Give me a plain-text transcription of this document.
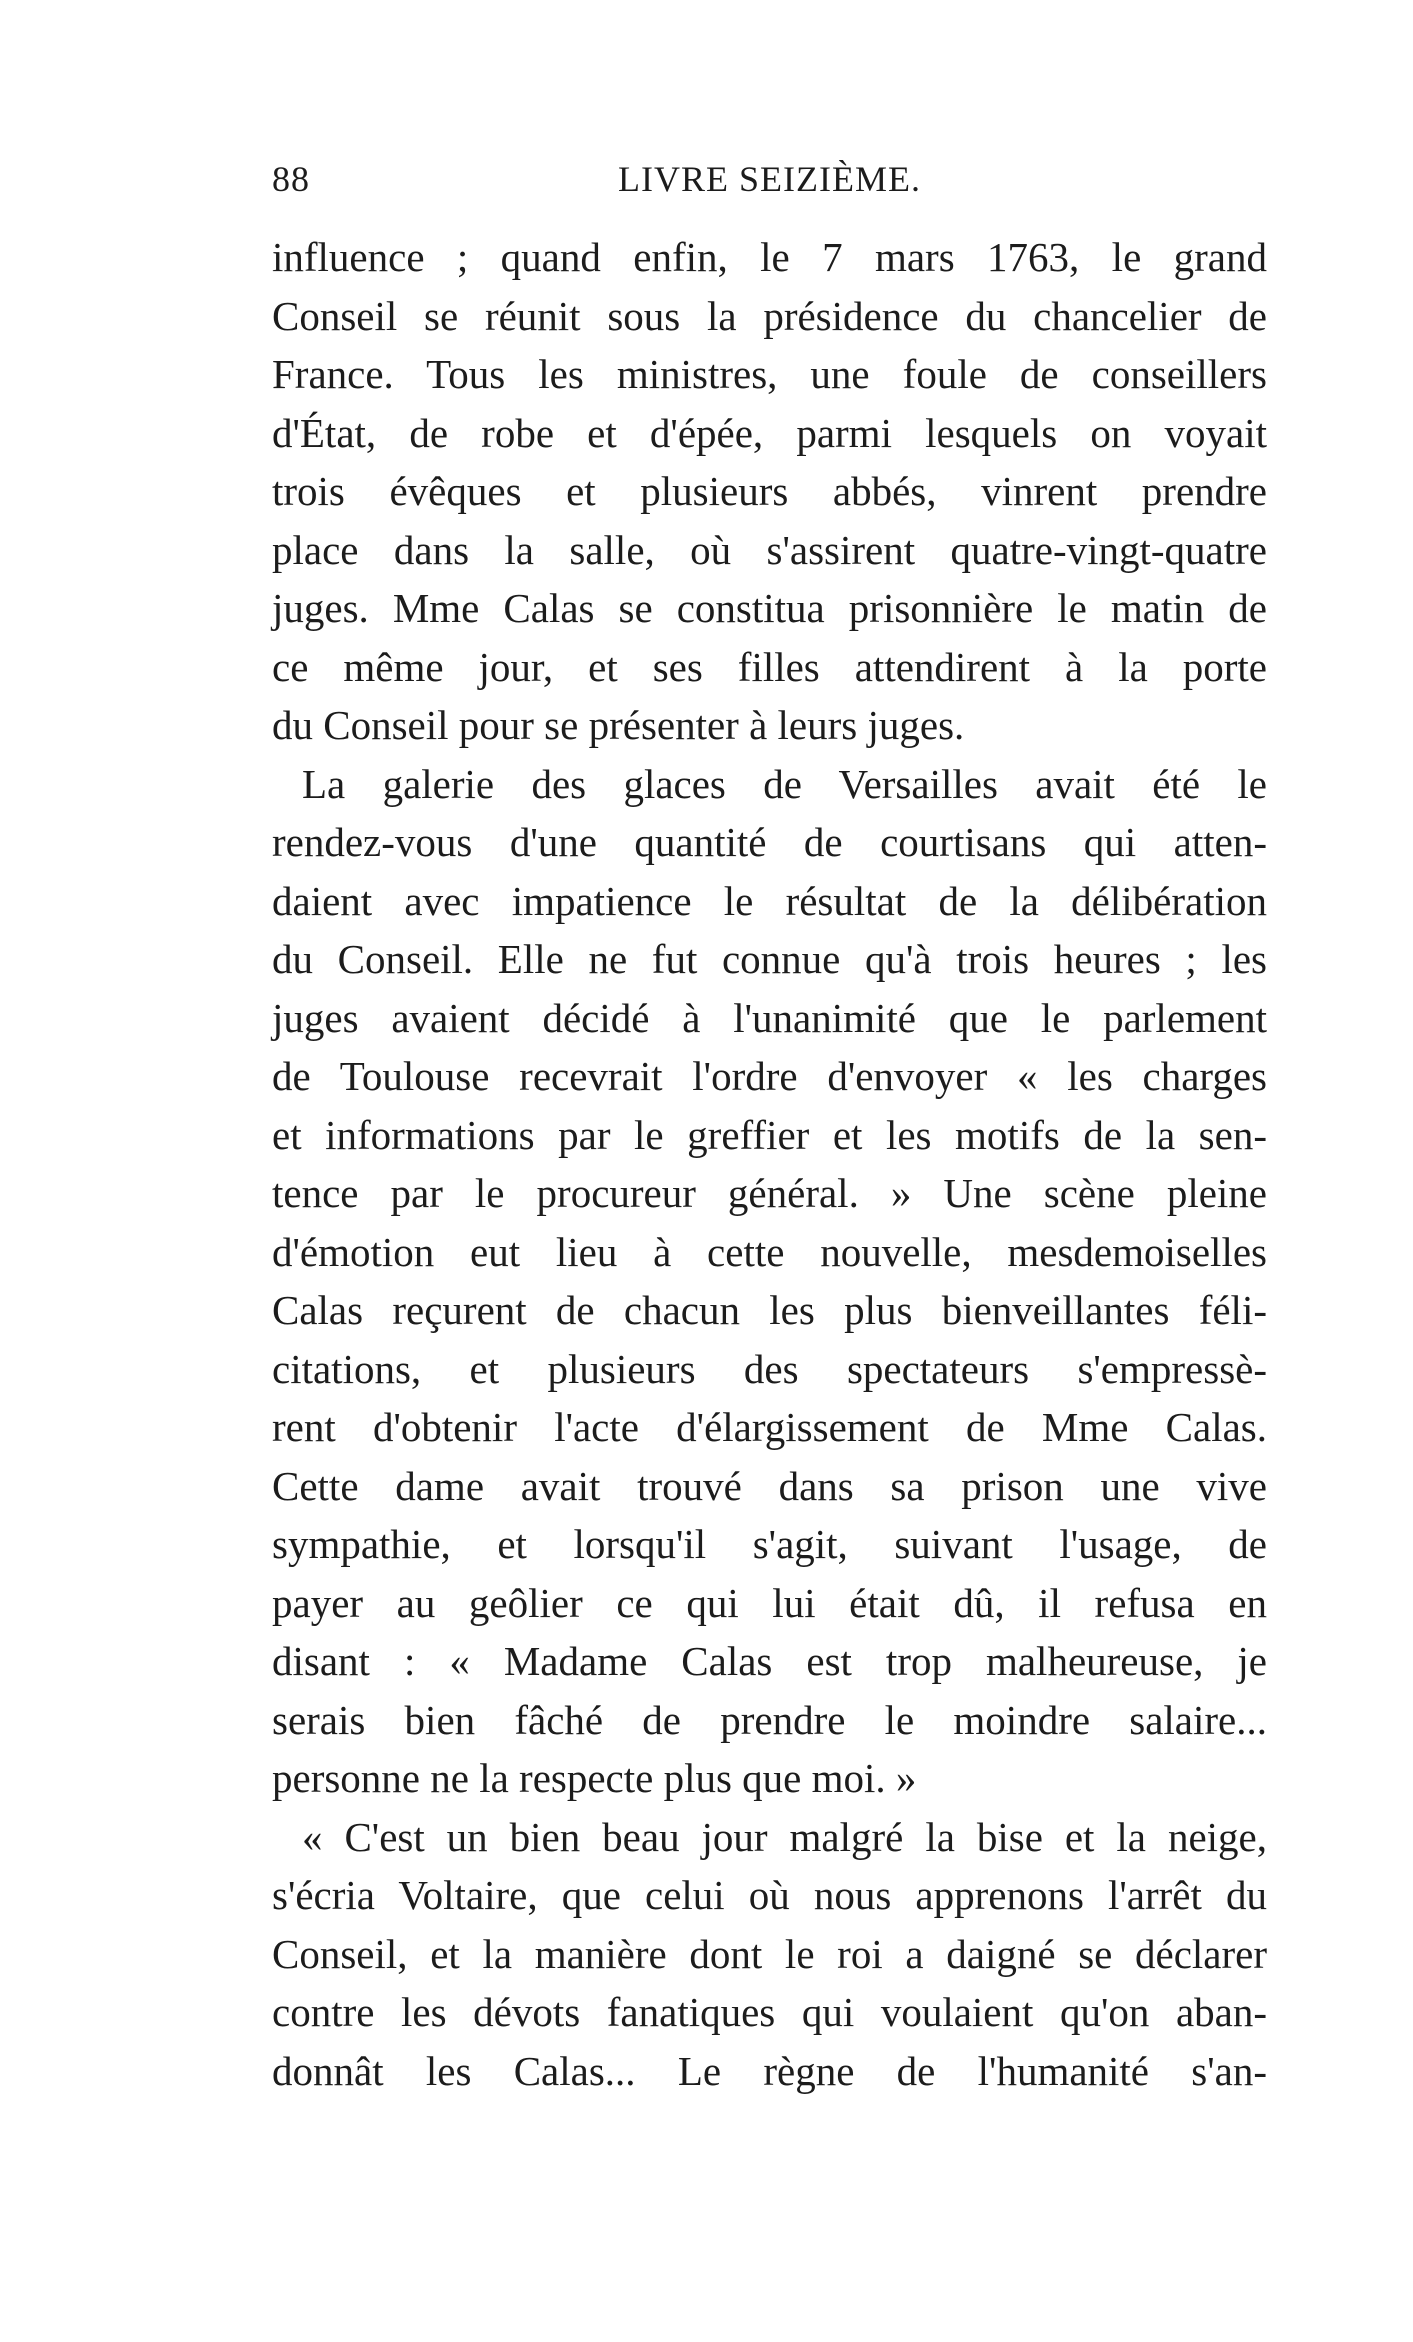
88	LIVRE SEIZIÈME.
influence ; quand enfin, le 7 mars 1763, le grand
Conseil se réunit sous la présidence du chancelier de
France. Tous les ministres, une foule de conseillers
d'État, de robe et d'épée, parmi lesquels on voyait
trois évêques et plusieurs abbés, vinrent prendre
place dans la salle, où s'assirent quatre-vingt-quatre
juges. Mme Calas se constitua prisonnière le matin de
ce même jour, et ses filles attendirent à la porte
du Conseil pour se présenter à leurs juges.
La galerie des glaces de Versailles avait été le
rendez-vous d'une quantité de courtisans qui atten-
daient avec impatience le résultat de la délibération
du Conseil. Elle ne fut connue qu'à trois heures ; les
juges avaient décidé à l'unanimité que le parlement
de Toulouse recevrait l'ordre d'envoyer « les charges
et informations par le greffier et les motifs de la sen-
tence par le procureur général. » Une scène pleine
d'émotion eut lieu à cette nouvelle, mesdemoiselles
Calas reçurent de chacun les plus bienveillantes féli-
citations, et plusieurs des spectateurs s'empressè-
rent d'obtenir l'acte d'élargissement de Mme Calas.
Cette dame avait trouvé dans sa prison une vive
sympathie, et lorsqu'il s'agit, suivant l'usage, de
payer au geôlier ce qui lui était dû, il refusa en
disant : « Madame Calas est trop malheureuse, je
serais bien fâché de prendre le moindre salaire...
personne ne la respecte plus que moi. »
« C'est un bien beau jour malgré la bise et la neige,
s'écria Voltaire, que celui où nous apprenons l'arrêt du
Conseil, et la manière dont le roi a daigné se déclarer
contre les dévots fanatiques qui voulaient qu'on aban-
donnât les Calas... Le règne de l'humanité s'an-
